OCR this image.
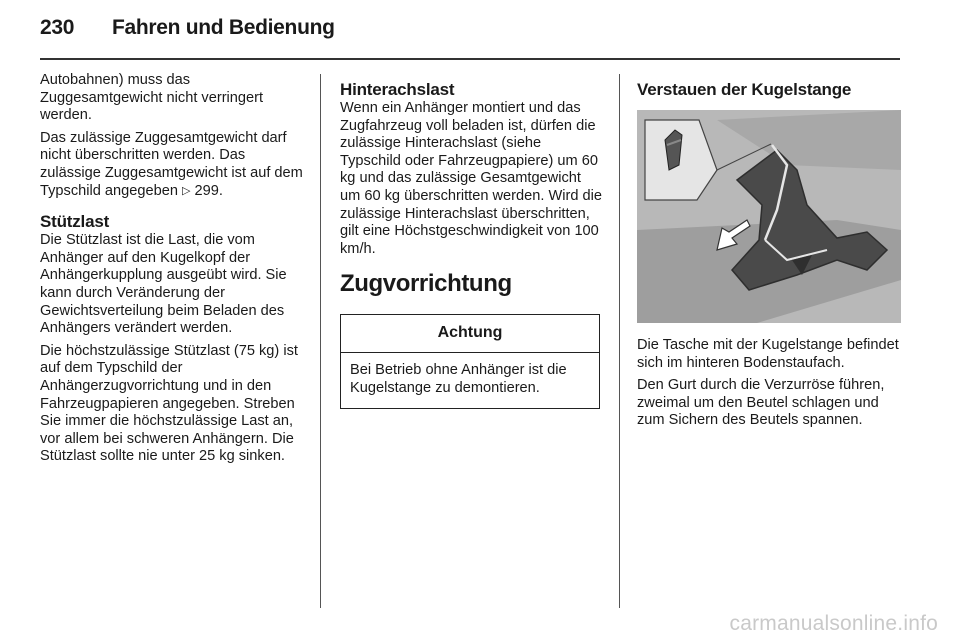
230 Fahren und Bedienung

Autobahnen) muss das Zuggesamtgewicht nicht verringert werden.

Das zulässige Zuggesamtgewicht darf nicht überschritten werden. Das zulässige Zuggesamtgewicht ist auf dem Typschild angegeben ▷ 299.

Stützlast

Die Stützlast ist die Last, die vom Anhänger auf den Kugelkopf der Anhängerkupplung ausgeübt wird. Sie kann durch Veränderung der Gewichtsverteilung beim Beladen des Anhängers verändert werden.

Die höchstzulässige Stützlast (75 kg) ist auf dem Typschild der Anhängerzugvorrichtung und in den Fahrzeugpapieren angegeben. Streben Sie immer die höchstzulässige Last an, vor allem bei schweren Anhängern. Die Stützlast sollte nie unter 25 kg sinken.

Hinterachslast

Wenn ein Anhänger montiert und das Zugfahrzeug voll beladen ist, dürfen die zulässige Hinterachslast (siehe Typschild oder Fahrzeugpapiere) um 60 kg und das zulässige Gesamtgewicht um 60 kg überschritten werden. Wird die zulässige Hinterachslast überschritten, gilt eine Höchstgeschwindigkeit von 100 km/h.

Zugvorrichtung
Achtung
Bei Betrieb ohne Anhänger ist die Kugelstange zu demontieren.
Verstauen der Kugelstange

Die Tasche mit der Kugelstange befindet sich im hinteren Bodenstaufach.

Den Gurt durch die Verzurröse führen, zweimal um den Beutel schlagen und zum Sichern des Beutels spannen.

carmanualsonline.info
